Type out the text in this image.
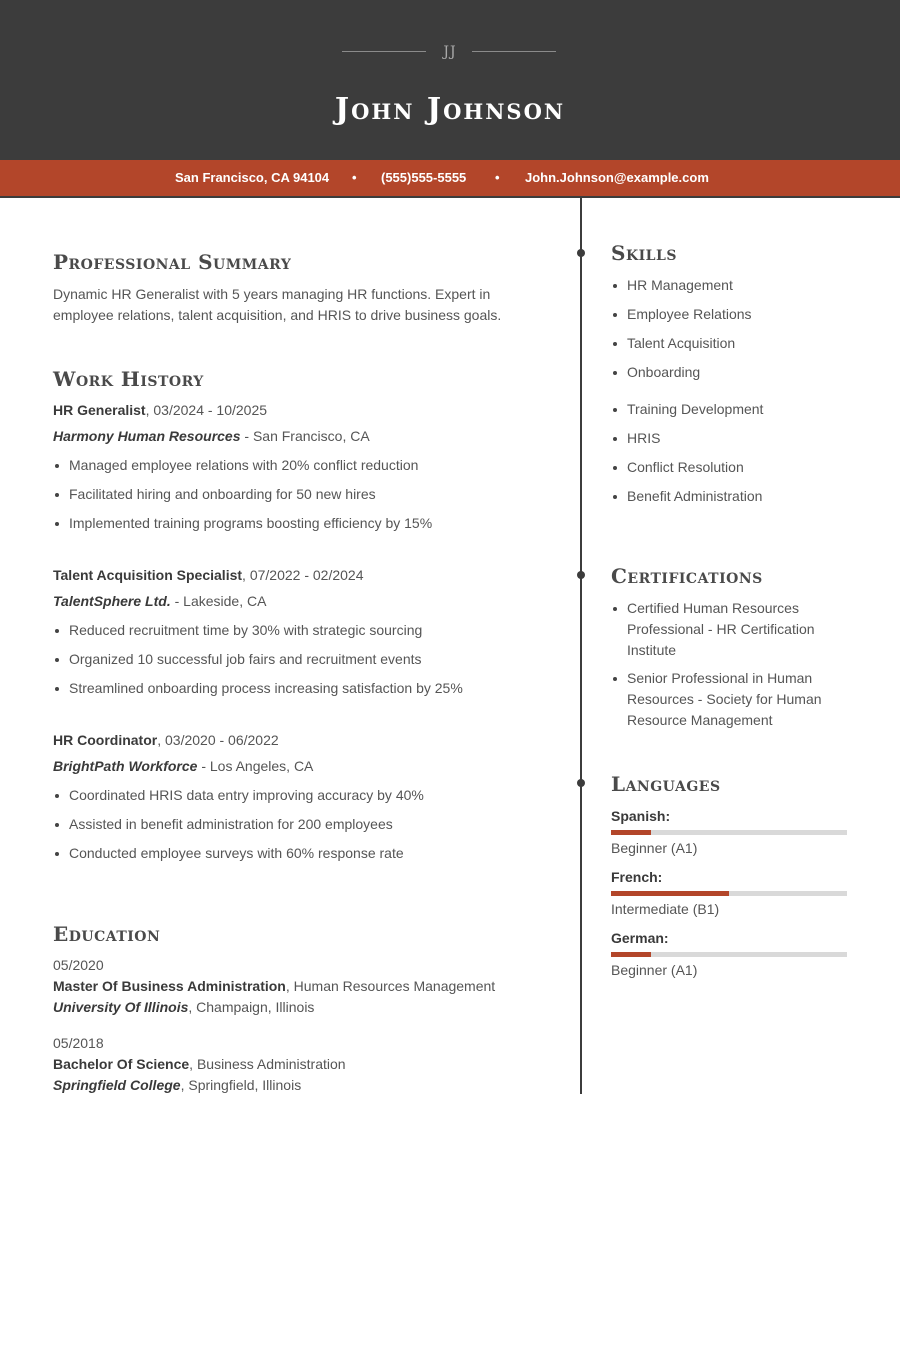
JJ
John Johnson
San Francisco, CA 94104 • (555)555-5555 • John.Johnson@example.com
Professional Summary
Dynamic HR Generalist with 5 years managing HR functions. Expert in
employee relations, talent acquisition, and HRIS to drive business goals.
Work History
HR Generalist, 03/2024 - 10/2025
Harmony Human Resources - San Francisco, CA
Managed employee relations with 20% conflict reduction
Facilitated hiring and onboarding for 50 new hires
Implemented training programs boosting efficiency by 15%
Talent Acquisition Specialist, 07/2022 - 02/2024
TalentSphere Ltd. - Lakeside, CA
Reduced recruitment time by 30% with strategic sourcing
Organized 10 successful job fairs and recruitment events
Streamlined onboarding process increasing satisfaction by 25%
HR Coordinator, 03/2020 - 06/2022
BrightPath Workforce - Los Angeles, CA
Coordinated HRIS data entry improving accuracy by 40%
Assisted in benefit administration for 200 employees
Conducted employee surveys with 60% response rate
Education
05/2020
Master Of Business Administration, Human Resources Management
University Of Illinois, Champaign, Illinois
05/2018
Bachelor Of Science, Business Administration
Springfield College, Springfield, Illinois
Skills
HR Management
Employee Relations
Talent Acquisition
Onboarding
Training Development
HRIS
Conflict Resolution
Benefit Administration
Certifications
Certified Human Resources
Professional - HR Certification
Institute
Senior Professional in Human
Resources - Society for Human
Resource Management
Languages
Spanish:
Beginner (A1)
French:
Intermediate (B1)
German:
Beginner (A1)
